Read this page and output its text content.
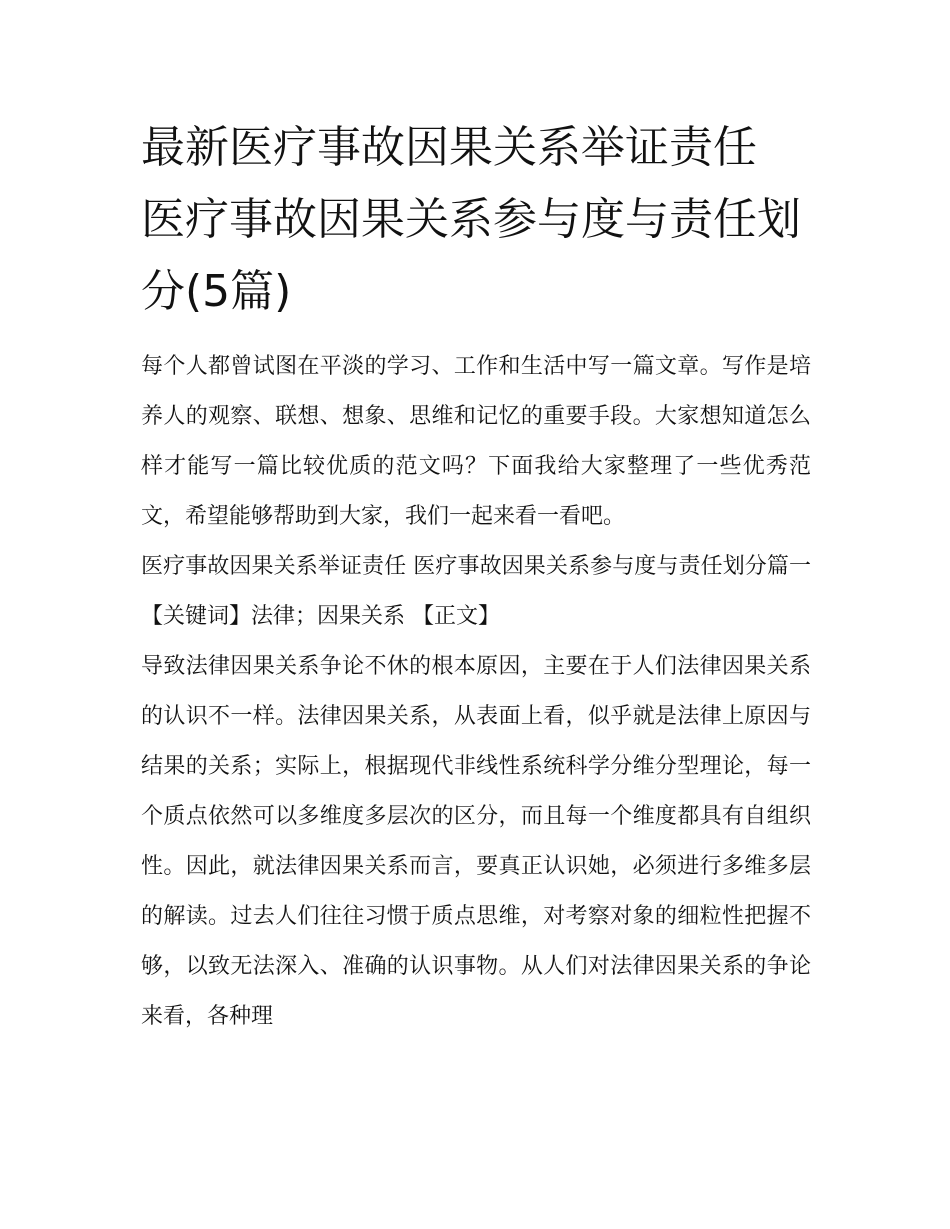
最新医疗事故因果关系举证责任 医疗事故因果关系参与度与责任划分(5篇)

每个人都曾试图在平淡的学习、工作和生活中写一篇文章。写作是培养人的观察、联想、想象、思维和记忆的重要手段。大家想知道怎么样才能写一篇比较优质的范文吗？下面我给大家整理了一些优秀范文，希望能够帮助到大家，我们一起来看一看吧。

医疗事故因果关系举证责任 医疗事故因果关系参与度与责任划分篇一 【关键词】法律；因果关系 【正文】

导致法律因果关系争论不休的根本原因，主要在于人们法律因果关系的认识不一样。法律因果关系，从表面上看，似乎就是法律上原因与结果的关系；实际上，根据现代非线性系统科学分维分型理论，每一个质点依然可以多维度多层次的区分，而且每一个维度都具有自组织性。因此，就法律因果关系而言，要真正认识她，必须进行多维多层的解读。过去人们往往习惯于质点思维，对考察对象的细粒性把握不够，以致无法深入、准确的认识事物。从人们对法律因果关系的争论来看，各种理
